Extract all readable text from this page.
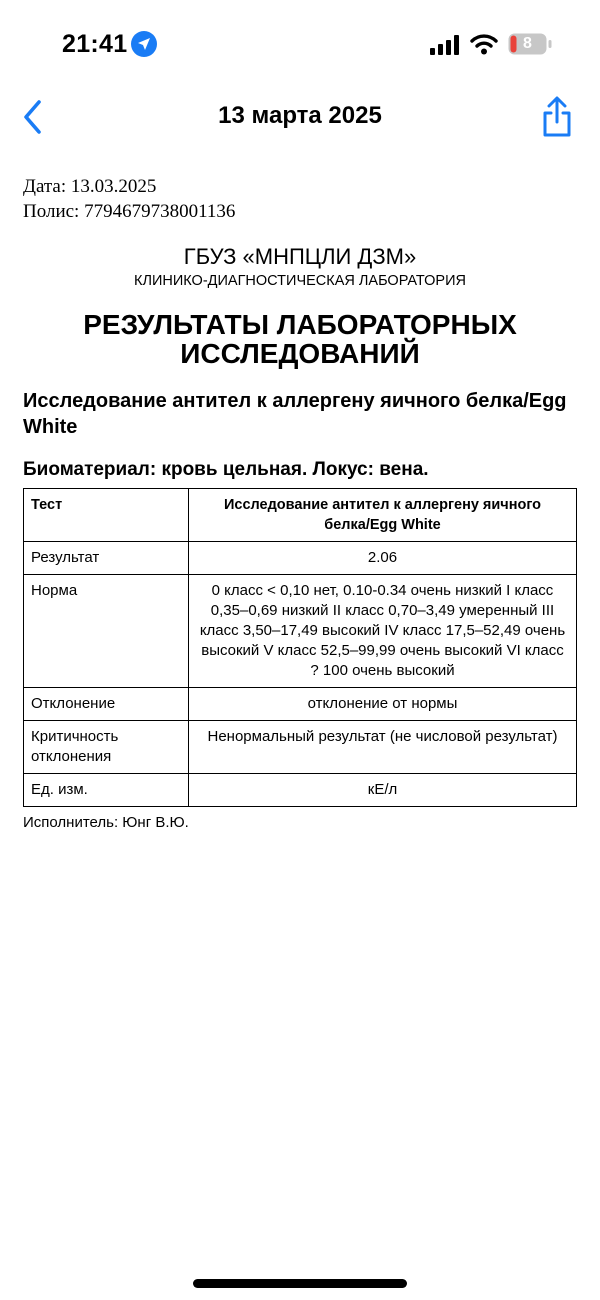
21:41	8
13 марта 2025
Дата: 13.03.2025
Полис: 7794679738001136
ГБУЗ «МНПЦЛИ ДЗМ»
КЛИНИКО-ДИАГНОСТИЧЕСКАЯ ЛАБОРАТОРИЯ
РЕЗУЛЬТАТЫ ЛАБОРАТОРНЫХ ИССЛЕДОВАНИЙ
Исследование антител к аллергену яичного белка/Egg White
Биоматериал: кровь цельная. Локус: вена.
Тест	Исследование антител к аллергену яичного белка/Egg White
Результат	2.06
Норма	0 класс < 0,10 нет, 0.10-0.34 очень низкий I класс 0,35–0,69 низкий II класс 0,70–3,49 умеренный III класс 3,50–17,49 высокий IV класс 17,5–52,49 очень высокий V класс 52,5–99,99 очень высокий VI класс ? 100 очень высокий
Отклонение	отклонение от нормы
Критичность отклонения	Ненормальный результат (не числовой результат)
Ед. изм.	кЕ/л
Исполнитель: Юнг В.Ю.
